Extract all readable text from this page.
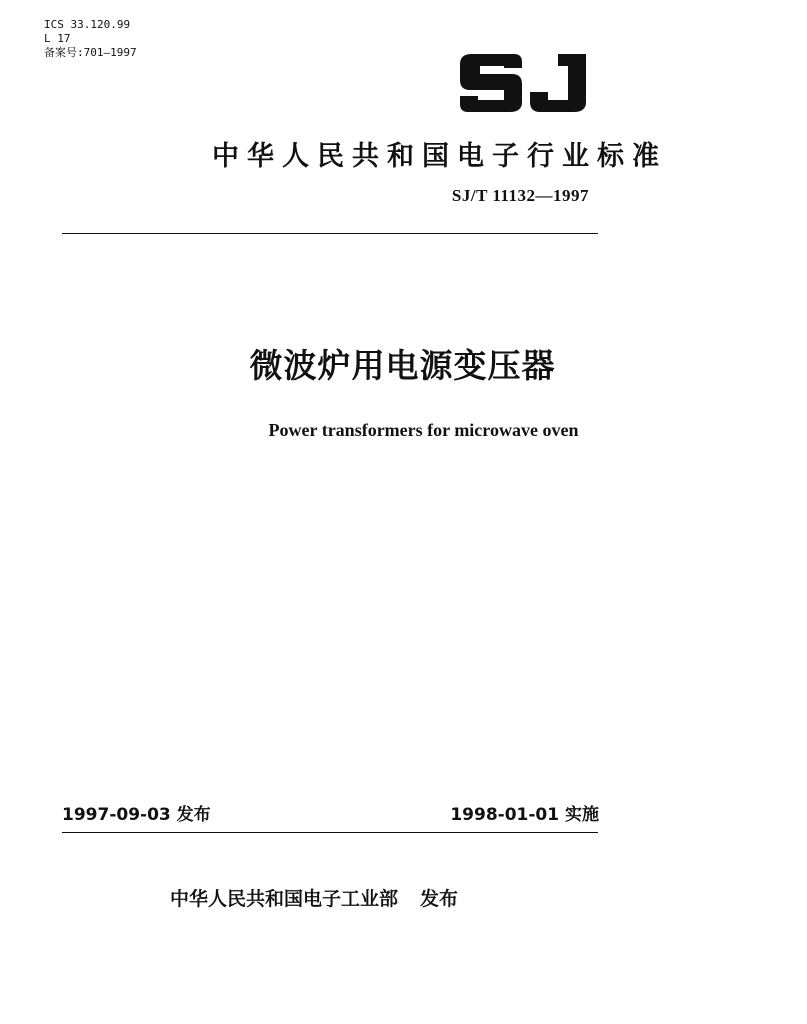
ICS 33.120.99
L 17
备案号:701—1997
中华人民共和国电子行业标准
SJ/T 11132—1997
微波炉用电源变压器
Power transformers for microwave oven
1997-09-03 发布	1998-01-01 实施
中华人民共和国电子工业部 发布
